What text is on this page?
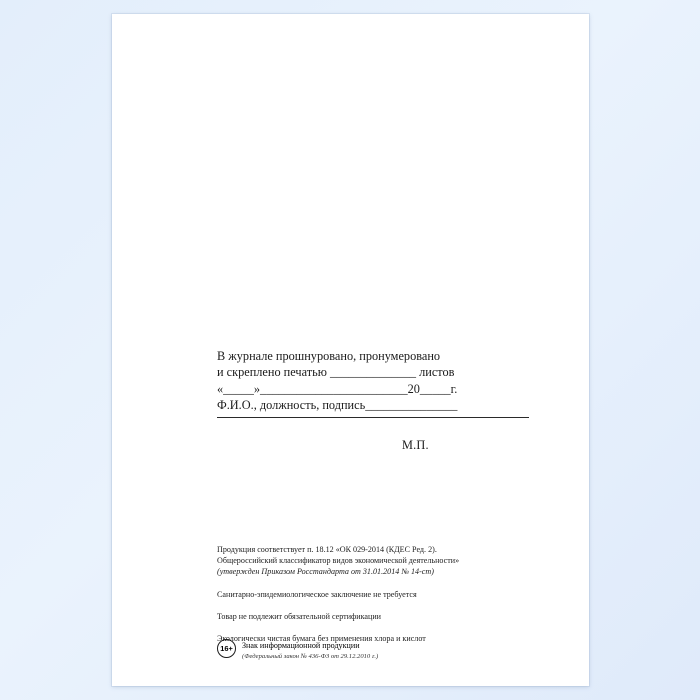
В журнале прошнуровано, пронумеровано
и скреплено печатью ______________ листов
«_____»________________________20_____г.
Ф.И.О., должность, подпись_______________
М.П.
Продукция соответствует п. 18.12 «ОК 029-2014 (КДЕС Ред. 2).
Общероссийский классификатор видов экономической деятельности»
(утвержден Приказом Росстандарта от 31.01.2014 № 14-ст)
Санитарно-эпидемиологическое заключение не требуется
Товар не подлежит обязательной сертификации
Экологически чистая бумага без применения хлора и кислот
16+	Знак информационной продукции
(Федеральный закон № 436-ФЗ от 29.12.2010 г.)
